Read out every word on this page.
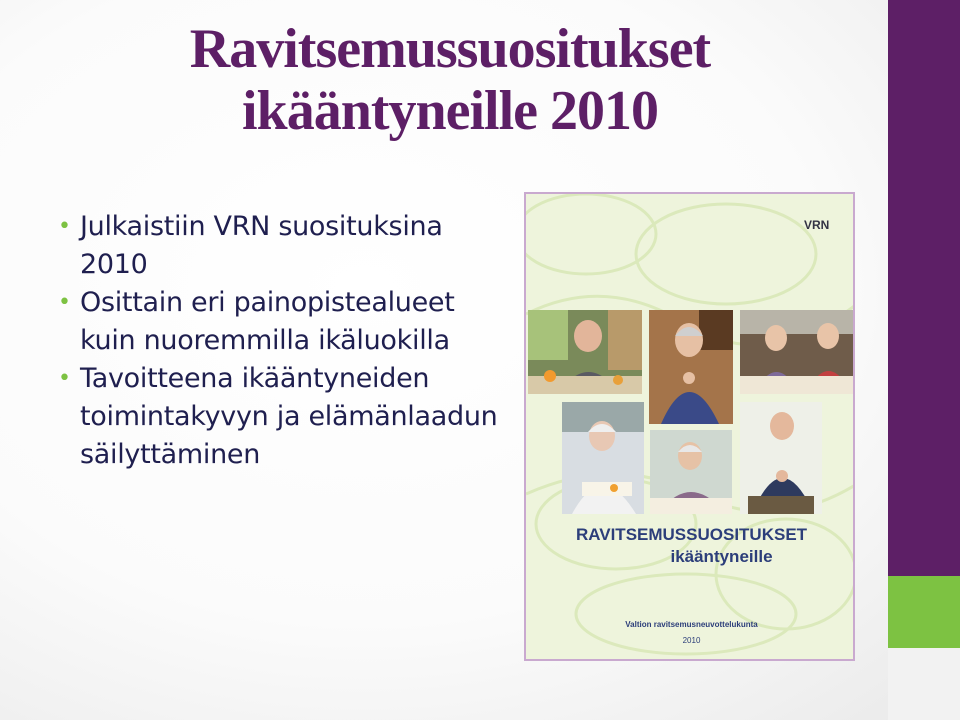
Ravitsemussuositukset
ikääntyneille 2010
• Julkaistiin VRN suosituksina 2010
• Osittain eri painopistealueet kuin nuoremmilla ikäluokilla
• Tavoitteena ikääntyneiden toimintakyvyn ja elämänlaadun säilyttäminen
VRN
RAVITSEMUSSUOSITUKSET
ikääntyneille
Valtion ravitsemusneuvottelukunta
2010
